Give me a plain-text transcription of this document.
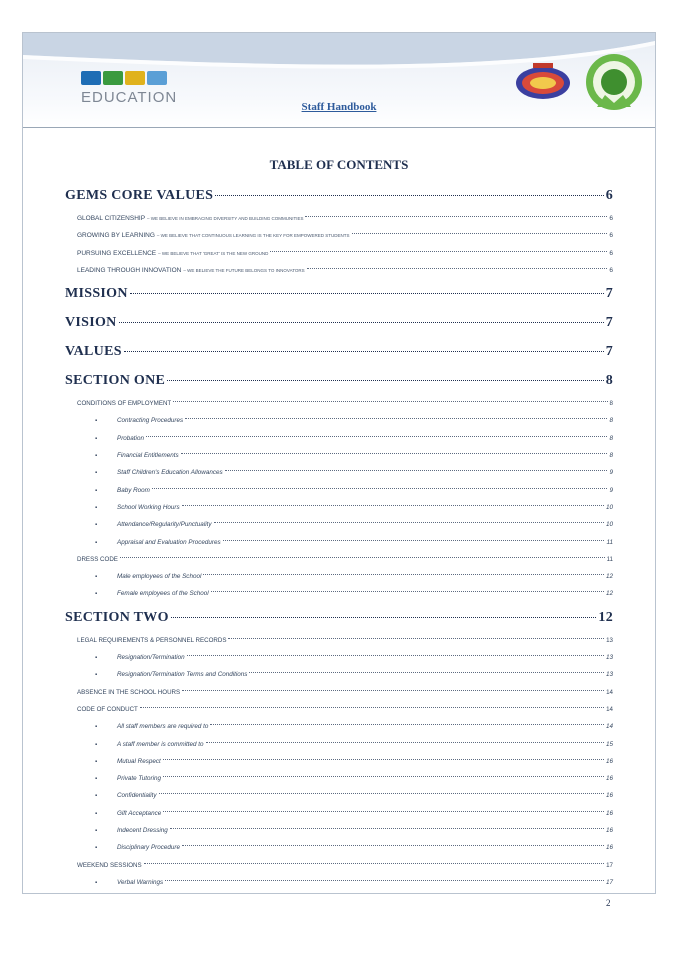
EDUCATION
Staff Handbook
TABLE OF CONTENTS
GEMS CORE VALUES	6
GLOBAL CITIZENSHIP – WE BELIEVE IN EMBRACING DIVERSITY AND BUILDING COMMUNITIES	6
GROWING BY LEARNING – WE BELIEVE THAT CONTINUOUS LEARNING IS THE KEY FOR EMPOWERED STUDENTS	6
PURSUING EXCELLENCE – WE BELIEVE THAT 'GREAT' IS THE NEW GROUND	6
LEADING THROUGH INNOVATION – WE BELIEVE THE FUTURE BELONGS TO INNOVATORS	6
MISSION	7
VISION	7
VALUES	7
SECTION ONE	8
CONDITIONS OF EMPLOYMENT	8
▪	Contracting Procedures	8
▪	Probation	8
▪	Financial Entitlements	8
▪	Staff Children's Education Allowances	9
▪	Baby Room	9
▪	School Working Hours	10
▪	Attendance/Regularity/Punctuality	10
▪	Appraisal and Evaluation Procedures	11
DRESS CODE	11
▪	Male employees of the School	12
▪	Female employees of the School	12
SECTION TWO	12
LEGAL REQUIREMENTS & PERSONNEL RECORDS	13
▪	Resignation/Termination	13
▪	Resignation/Termination Terms and Conditions	13
ABSENCE IN THE SCHOOL HOURS	14
CODE OF CONDUCT	14
▪	All staff members are required to	14
▪	A staff member is committed to	15
▪	Mutual Respect	16
▪	Private Tutoring	16
▪	Confidentiality	16
▪	Gift Acceptance	16
▪	Indecent Dressing	16
▪	Disciplinary Procedure	16
WEEKEND SESSIONS	17
▪	Verbal Warnings	17
2
